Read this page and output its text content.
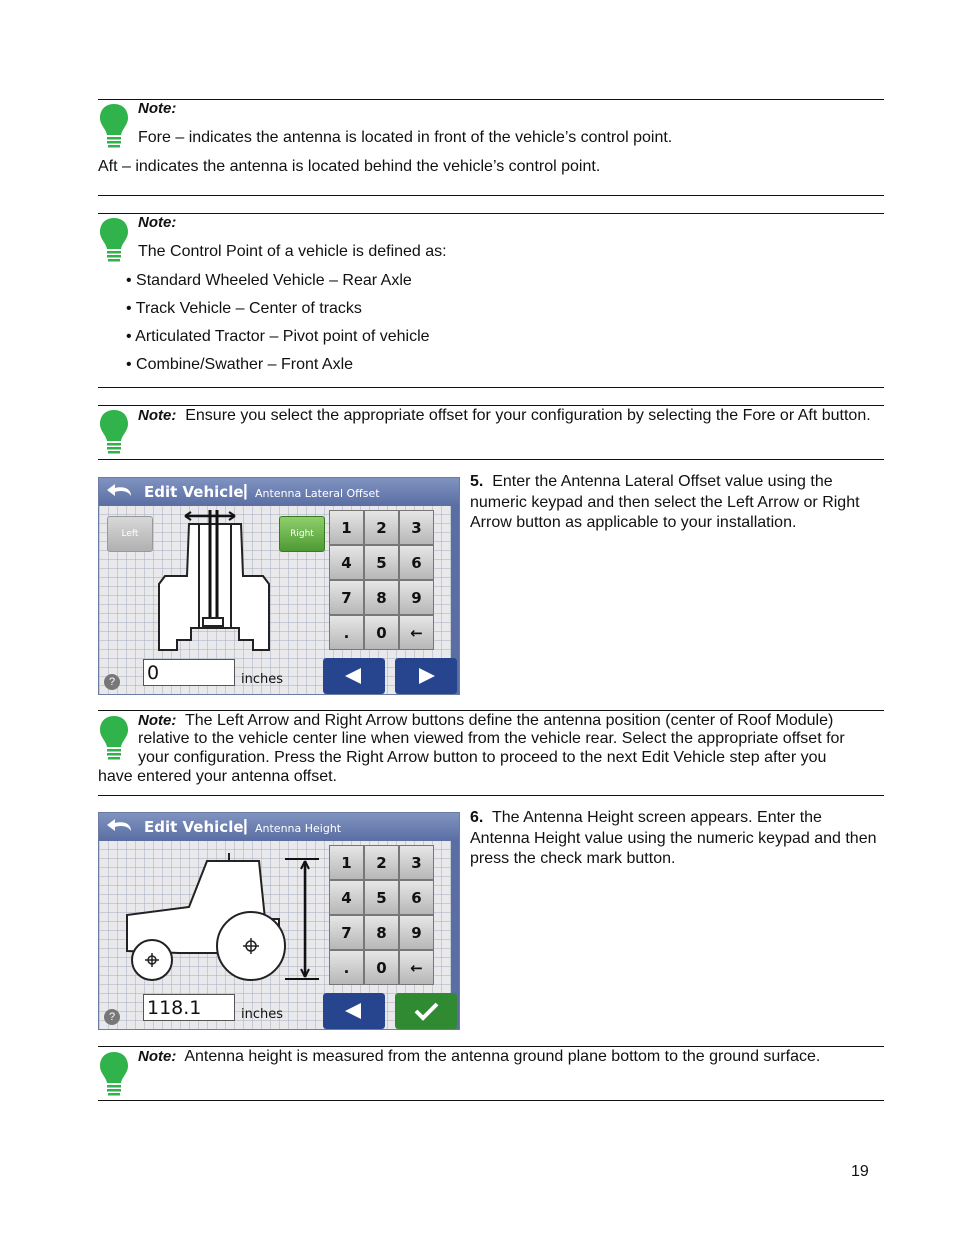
Note:
Fore – indicates the antenna is located in front of the vehicle’s control point.
Aft – indicates the antenna is located behind the vehicle’s control point.
Note:
The Control Point of a vehicle is defined as:
• Standard Wheeled Vehicle – Rear Axle
• Track Vehicle – Center of tracks
• Articulated Tractor – Pivot point of vehicle
• Combine/Swather – Front Axle
Note: Ensure you select the appropriate offset for your configuration by selecting the Fore or Aft button.
Edit Vehicle | Antenna Lateral Offset
Left	Right	1	2	3
4	5	6
7	8	9
.	0	←
? 0	inches
5. Enter the Antenna Lateral Offset value using the numeric keypad and then select the Left Arrow or Right Arrow button as applicable to your installation.
Note: The Left Arrow and Right Arrow buttons define the antenna position (center of Roof Module)
relative to the vehicle center line when viewed from the vehicle rear. Select the appropriate offset for
your configuration. Press the Right Arrow button to proceed to the next Edit Vehicle step after you
have entered your antenna offset.
Edit Vehicle | Antenna Height
1	2	3
4	5	6
7	8	9
.	0	←
? 118.1	inches
6. The Antenna Height screen appears. Enter the Antenna Height value using the numeric keypad and then press the check mark button.
Note: Antenna height is measured from the antenna ground plane bottom to the ground surface.
19
